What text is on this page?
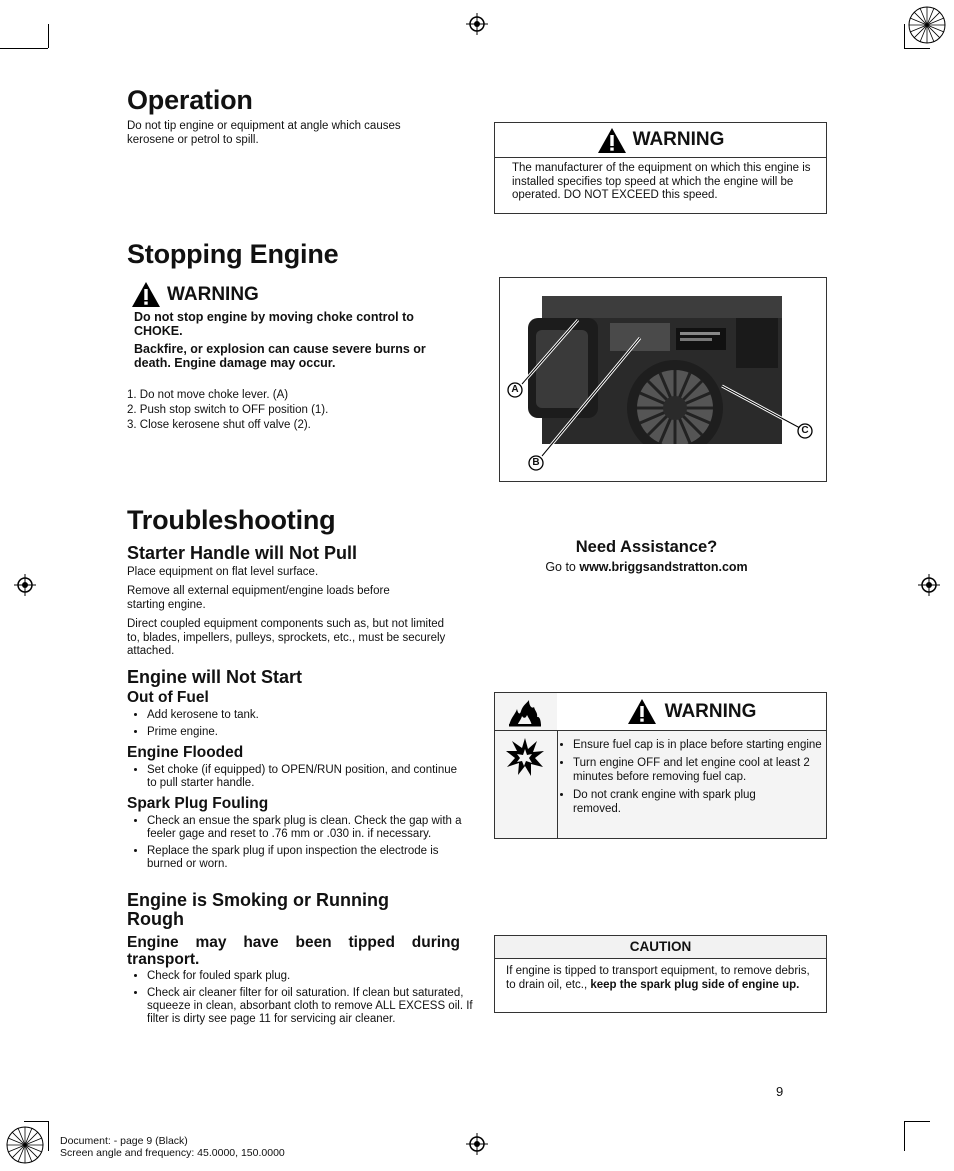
Operation

Do not tip engine or equipment at angle which causes kerosene or petrol to spill.

Stopping Engine
WARNING

Do not stop engine by moving choke control to CHOKE.

Backfire, or explosion can cause severe burns or death. Engine damage may occur.

1. Do not move choke lever. (A)
2. Push stop switch to OFF position (1).
3. Close kerosene shut off valve (2).
Troubleshooting
Starter Handle will Not Pull

Place equipment on flat level surface.

Remove all external equipment/engine loads before starting engine.

Direct coupled equipment components such as, but not limited to, blades, impellers, pulleys, sprockets, etc., must be securely attached.

Engine will Not Start
Out of Fuel
• Add kerosene to tank.
• Prime engine.
Engine Flooded
• Set choke (if equipped) to OPEN/RUN position, and continue to pull starter handle.
Spark Plug Fouling
• Check an ensue the spark plug is clean. Check the gap with a feeler gage and reset to .76 mm or .030 in. if necessary.
• Replace the spark plug if upon inspection the electrode is burned or worn.
Engine is Smoking or Running Rough
Engine may have been tipped during transport.
• Check for fouled spark plug.
• Check air cleaner filter for oil saturation. If clean but saturated, squeeze in clean, absorbant cloth to remove ALL EXCESS oil. If filter is dirty see page 11 for servicing air cleaner.
WARNING

The manufacturer of the equipment on which this engine is installed specifies top speed at which the engine will be operated. DO NOT EXCEED this speed.

A
B
C
Need Assistance?

Go to www.briggsandstratton.com

WARNING
• Ensure fuel cap is in place before starting engine
• Turn engine OFF and let engine cool at least 2 minutes before removing fuel cap.
• Do not crank engine with spark plug removed.
CAUTION

If engine is tipped to transport equipment, to remove debris, to drain oil, etc., keep the spark plug side of engine up.

9
Document: - page 9 (Black)
Screen angle and frequency: 45.0000, 150.0000
